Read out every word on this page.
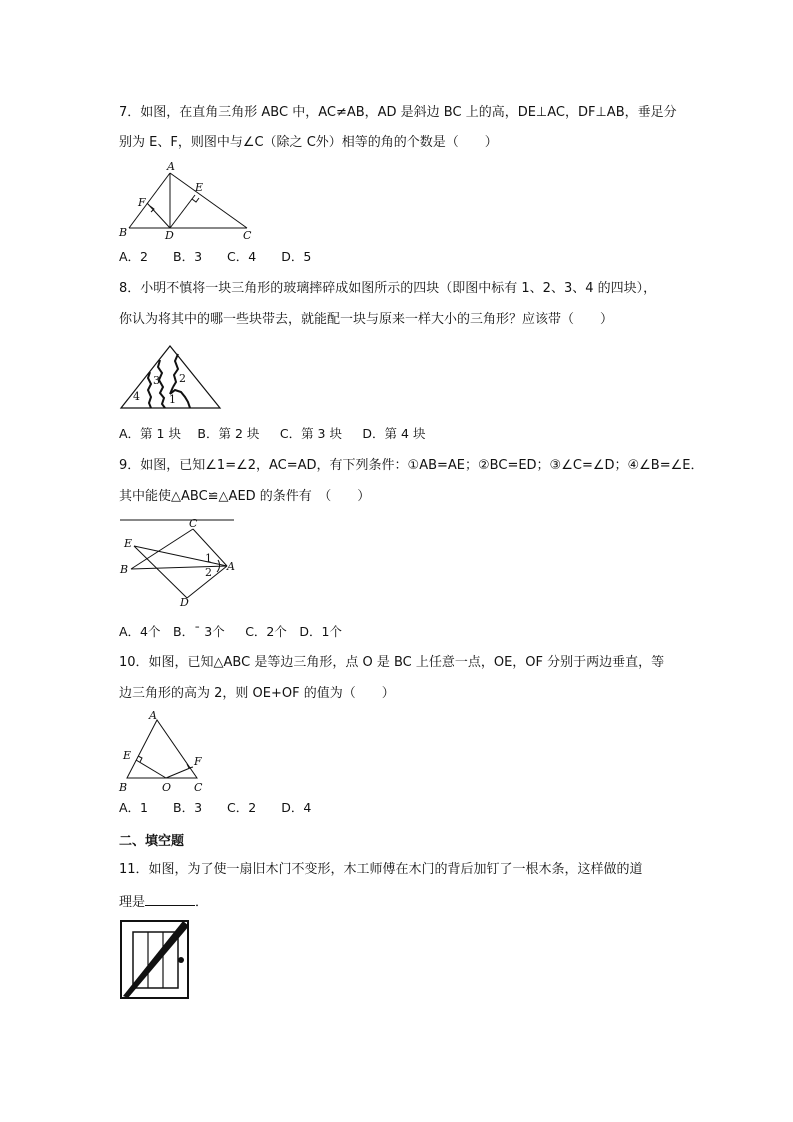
7．如图，在直角三角形 ABC 中，AC≠AB，AD 是斜边 BC 上的高，DE⊥AC，DF⊥AB，垂足分
别为 E、F，则图中与∠C（除之 C外）相等的角的个数是（　　）
A
B	C
D
E
F
A．2　　B．3　　C．4　　D．5
8．小明不慎将一块三角形的玻璃摔碎成如图所示的四块（即图中标有 1、2、3、4 的四块），
你认为将其中的哪一些块带去，就能配一块与原来一样大小的三角形？应该带（　　）
4
3 2
1
A．第 1 块　 B．第 2 块　  C．第 3 块　  D．第 4 块
9．如图，已知∠1=∠2，AC=AD，有下列条件：①AB=AE；②BC=ED；③∠C=∠D；④∠B=∠E．
其中能使△ABC≌△AED 的条件有　（　　）
C
E
B	A
D
1
2
A．4个　B．ˉ 3个　  C．2个　D．1个
10．如图，已知△ABC 是等边三角形，点 O 是 BC 上任意一点，OE，OF 分别于两边垂直，等
边三角形的高为 2，则 OE+OF 的值为（　　）
A
E	F
B	O C
A．1　　B．3　　C．2　　D．4
二、填空题
11．如图，为了使一扇旧木门不变形，木工师傅在木门的背后加钉了一根木条，这样做的道
理是	．
